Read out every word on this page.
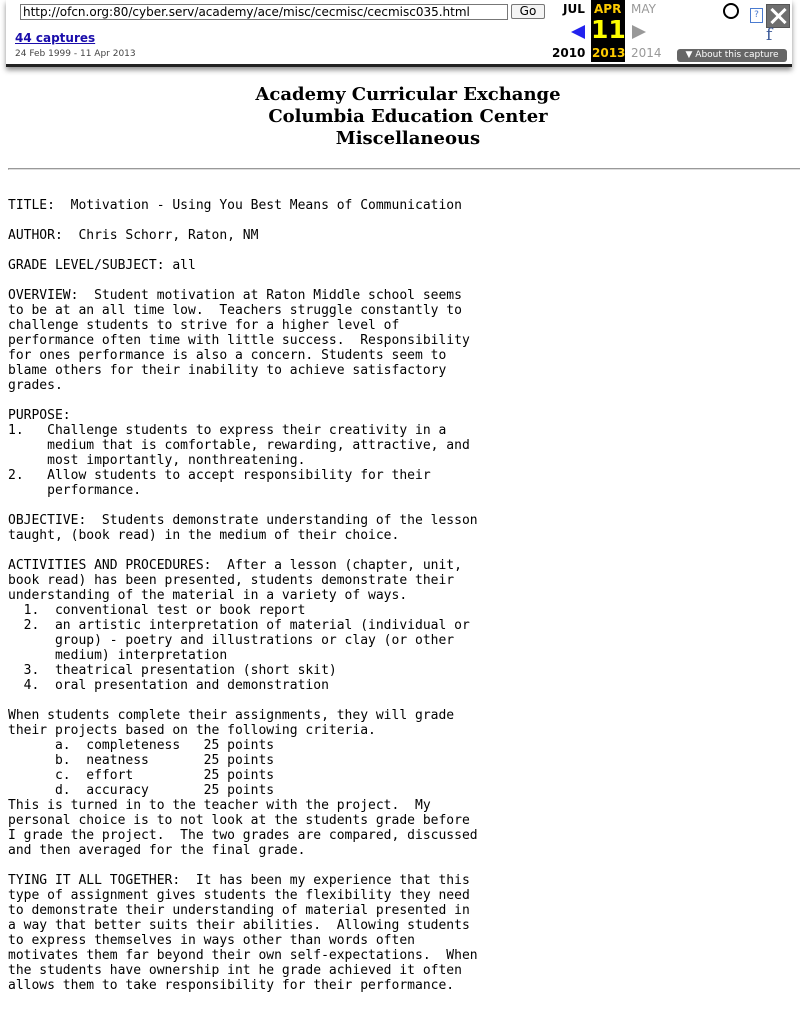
http://ofcn.org:80/cyber.serv/academy/ace/misc/cecmisc/cecmisc035.html
Go
44 captures
24 Feb 1999 - 11 Apr 2013
JUL
2010
APR
11
2013
MAY
2014
?
f
▼ About this capture
Academy Curricular Exchange
Columbia Education Center
Miscellaneous
TITLE:  Motivation - Using You Best Means of Communication

AUTHOR:  Chris Schorr, Raton, NM

GRADE LEVEL/SUBJECT: all

OVERVIEW:  Student motivation at Raton Middle school seems
to be at an all time low.  Teachers struggle constantly to
challenge students to strive for a higher level of
performance often time with little success.  Responsibility
for ones performance is also a concern. Students seem to
blame others for their inability to achieve satisfactory
grades.

PURPOSE:
1.   Challenge students to express their creativity in a
medium that is comfortable, rewarding, attractive, and
most importantly, nonthreatening.
2.   Allow students to accept responsibility for their
performance.

OBJECTIVE:  Students demonstrate understanding of the lesson
taught, (book read) in the medium of their choice.

ACTIVITIES AND PROCEDURES:  After a lesson (chapter, unit,
book read) has been presented, students demonstrate their
understanding of the material in a variety of ways.
1.  conventional test or book report
2.  an artistic interpretation of material (individual or
group) - poetry and illustrations or clay (or other
medium) interpretation
3.  theatrical presentation (short skit)
4.  oral presentation and demonstration

When students complete their assignments, they will grade
their projects based on the following criteria.
a.  completeness   25 points
b.  neatness       25 points
c.  effort         25 points
d.  accuracy       25 points
This is turned in to the teacher with the project.  My
personal choice is to not look at the students grade before
I grade the project.  The two grades are compared, discussed
and then averaged for the final grade.

TYING IT ALL TOGETHER:  It has been my experience that this
type of assignment gives students the flexibility they need
to demonstrate their understanding of material presented in
a way that better suits their abilities.  Allowing students
to express themselves in ways other than words often
motivates them far beyond their own self-expectations.  When
the students have ownership int he grade achieved it often
allows them to take responsibility for their performance.
